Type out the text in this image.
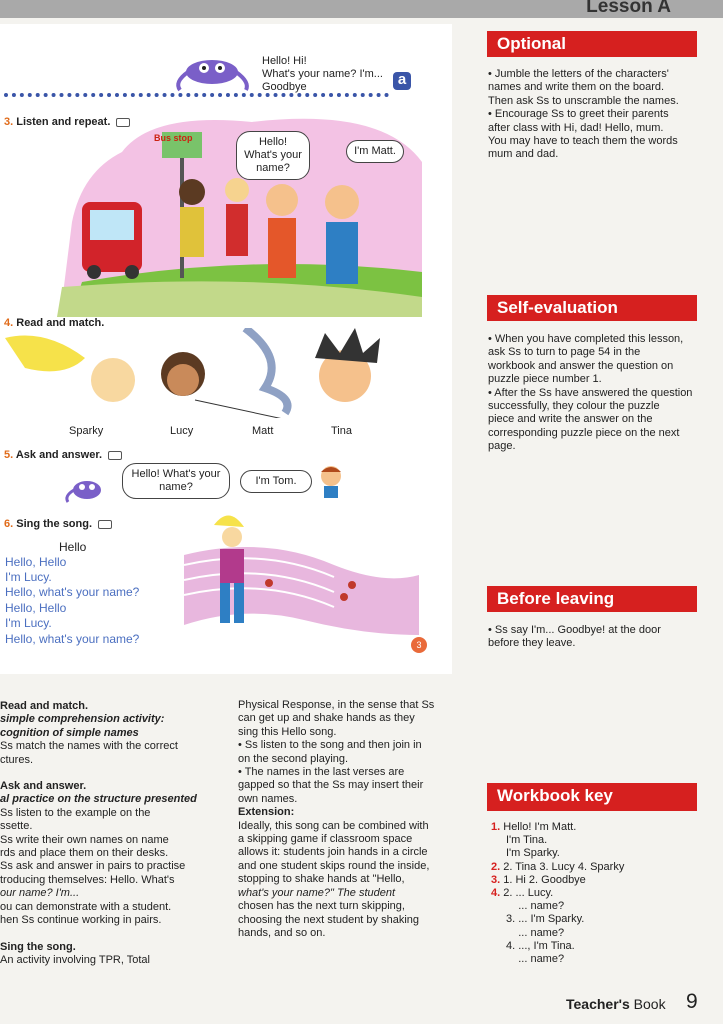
Lesson A
Hello! Hi!
What's your name? I'm...
Goodbye	a
3. Listen and repeat.
Bus stop	Hello! What's your name?
I'm Matt.
4. Read and match.
Sparky	Lucy	Matt	Tina
5. Ask and answer.
Hello! What's your name?	I'm Tom.
6. Sing the song.
Hello
Hello, Hello
I'm Lucy.
Hello, what's your name?
Hello, Hello
I'm Lucy.
Hello, what's your name?	3
Optional
• Jumble the letters of the characters'
names and write them on the board.
Then ask Ss to unscramble the names.
• Encourage Ss to greet their parents
after class with Hi, dad! Hello, mum.
You may have to teach them the words
mum and dad.
Self-evaluation
• When you have completed this lesson,
ask Ss to turn to page 54 in the
workbook and answer the question on
puzzle piece number 1.
• After the Ss have answered the question
successfully, they colour the puzzle
piece and write the answer on the
corresponding puzzle piece on the next
page.
Before leaving
• Ss say I'm... Goodbye! at the door
before they leave.
Workbook key
1. Hello! I'm Matt.
I'm Tina.
I'm Sparky.
2. 2. Tina 3. Lucy 4. Sparky
3. 1. Hi 2. Goodbye
4. 2. ... Lucy.
... name?
3. ... I'm Sparky.
... name?
4. ..., I'm Tina.
... name?
Read and match.
simple comprehension activity:
cognition of simple names
Ss match the names with the correct
ctures.
Ask and answer.
al practice on the structure presented
Ss listen to the example on the
ssette.
Ss write their own names on name
rds and place them on their desks.
Ss ask and answer in pairs to practise
troducing themselves: Hello. What's
our name? I'm...
ou can demonstrate with a student.
hen Ss continue working in pairs.
Sing the song.
An activity involving TPR, Total
Physical Response, in the sense that Ss
can get up and shake hands as they
sing this Hello song.
• Ss listen to the song and then join in
on the second playing.
• The names in the last verses are
gapped so that the Ss may insert their
own names.
Extension:
Ideally, this song can be combined with
a skipping game if classroom space
allows it: students join hands in a circle
and one student skips round the inside,
stopping to shake hands at "Hello,
what's your name?" The student
chosen has the next turn skipping,
choosing the next student by shaking
hands, and so on.
Teacher's Book 9
